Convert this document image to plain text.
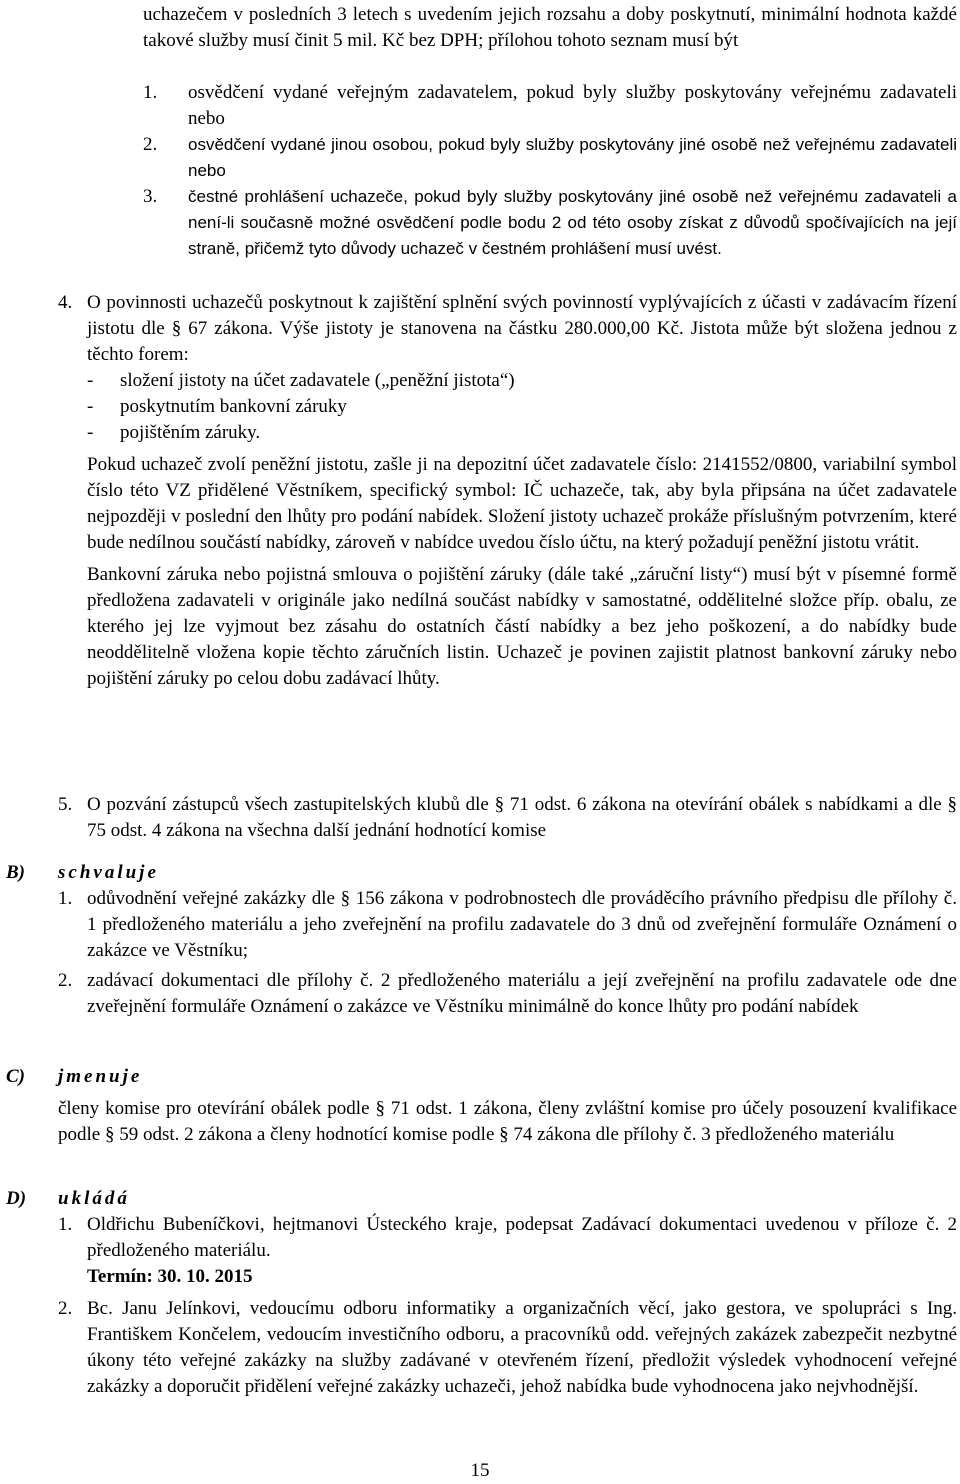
uchazečem v posledních 3 letech s uvedením jejich rozsahu a doby poskytnutí, minimální hodnota každé takové služby musí činit 5 mil. Kč bez DPH; přílohou tohoto seznam musí být

1. osvědčení vydané veřejným zadavatelem, pokud byly služby poskytovány veřejnému zadavateli nebo

2. osvědčení vydané jinou osobou, pokud byly služby poskytovány jiné osobě než veřejnému zadavateli nebo

3. čestné prohlášení uchazeče, pokud byly služby poskytovány jiné osobě než veřejnému zadavateli a není-li současně možné osvědčení podle bodu 2 od této osoby získat z důvodů spočívajících na její straně, přičemž tyto důvody uchazeč v čestném prohlášení musí uvést.

4. O povinnosti uchazečů poskytnout k zajištění splnění svých povinností vyplývajících z účasti v zadávacím řízení jistotu dle § 67 zákona. Výše jistoty je stanovena na částku 280.000,00 Kč. Jistota může být složena jednou z těchto forem:

- složení jistoty na účet zadavatele („peněžní jistota“)

- poskytnutím bankovní záruky

- pojištěním záruky.

Pokud uchazeč zvolí peněžní jistotu, zašle ji na depozitní účet zadavatele číslo: 2141552/0800, variabilní symbol číslo této VZ přidělené Věstníkem, specifický symbol: IČ uchazeče, tak, aby byla připsána na účet zadavatele nejpozději v poslední den lhůty pro podání nabídek. Složení jistoty uchazeč prokáže příslušným potvrzením, které bude nedílnou součástí nabídky, zároveň v nabídce uvedou číslo účtu, na který požadují peněžní jistotu vrátit.

Bankovní záruka nebo pojistná smlouva o pojištění záruky (dále také „záruční listy“) musí být v písemné formě předložena zadavateli v originále jako nedílná součást nabídky v samostatné, oddělitelné složce příp. obalu, ze kterého jej lze vyjmout bez zásahu do ostatních částí nabídky a bez jeho poškození, a do nabídky bude neoddělitelně vložena kopie těchto záručních listin. Uchazeč je povinen zajistit platnost bankovní záruky nebo pojištění záruky po celou dobu zadávací lhůty.

5. O pozvání zástupců všech zastupitelských klubů dle § 71 odst. 6 zákona na otevírání obálek s nabídkami a dle § 75 odst. 4 zákona na všechna další jednání hodnotící komise

B) schvaluje
1. odůvodnění veřejné zakázky dle § 156 zákona v podrobnostech dle prováděcího právního předpisu dle přílohy č. 1 předloženého materiálu a jeho zveřejnění na profilu zadavatele do 3 dnů od zveřejnění formuláře Oznámení o zakázce ve Věstníku;

2. zadávací dokumentaci dle přílohy č. 2 předloženého materiálu a její zveřejnění na profilu zadavatele ode dne zveřejnění formuláře Oznámení o zakázce ve Věstníku minimálně do konce lhůty pro podání nabídek

C) jmenuje

členy komise pro otevírání obálek podle § 71 odst. 1 zákona, členy zvláštní komise pro účely posouzení kvalifikace podle § 59 odst. 2 zákona a členy hodnotící komise podle § 74 zákona dle přílohy č. 3 předloženého materiálu

D) ukládá
1. Oldřichu Bubeníčkovi, hejtmanovi Ústeckého kraje, podepsat Zadávací dokumentaci uvedenou v příloze č. 2 předloženého materiálu.

Termín: 30. 10. 2015
2. Bc. Janu Jelínkovi, vedoucímu odboru informatiky a organizačních věcí, jako gestora, ve spolupráci s Ing. Františkem Končelem, vedoucím investičního odboru, a pracovníků odd. veřejných zakázek zabezpečit nezbytné úkony této veřejné zakázky na služby zadávané v otevřeném řízení, předložit výsledek vyhodnocení veřejné zakázky a doporučit přidělení veřejné zakázky uchazeči, jehož nabídka bude vyhodnocena jako nejvhodnější.

15
